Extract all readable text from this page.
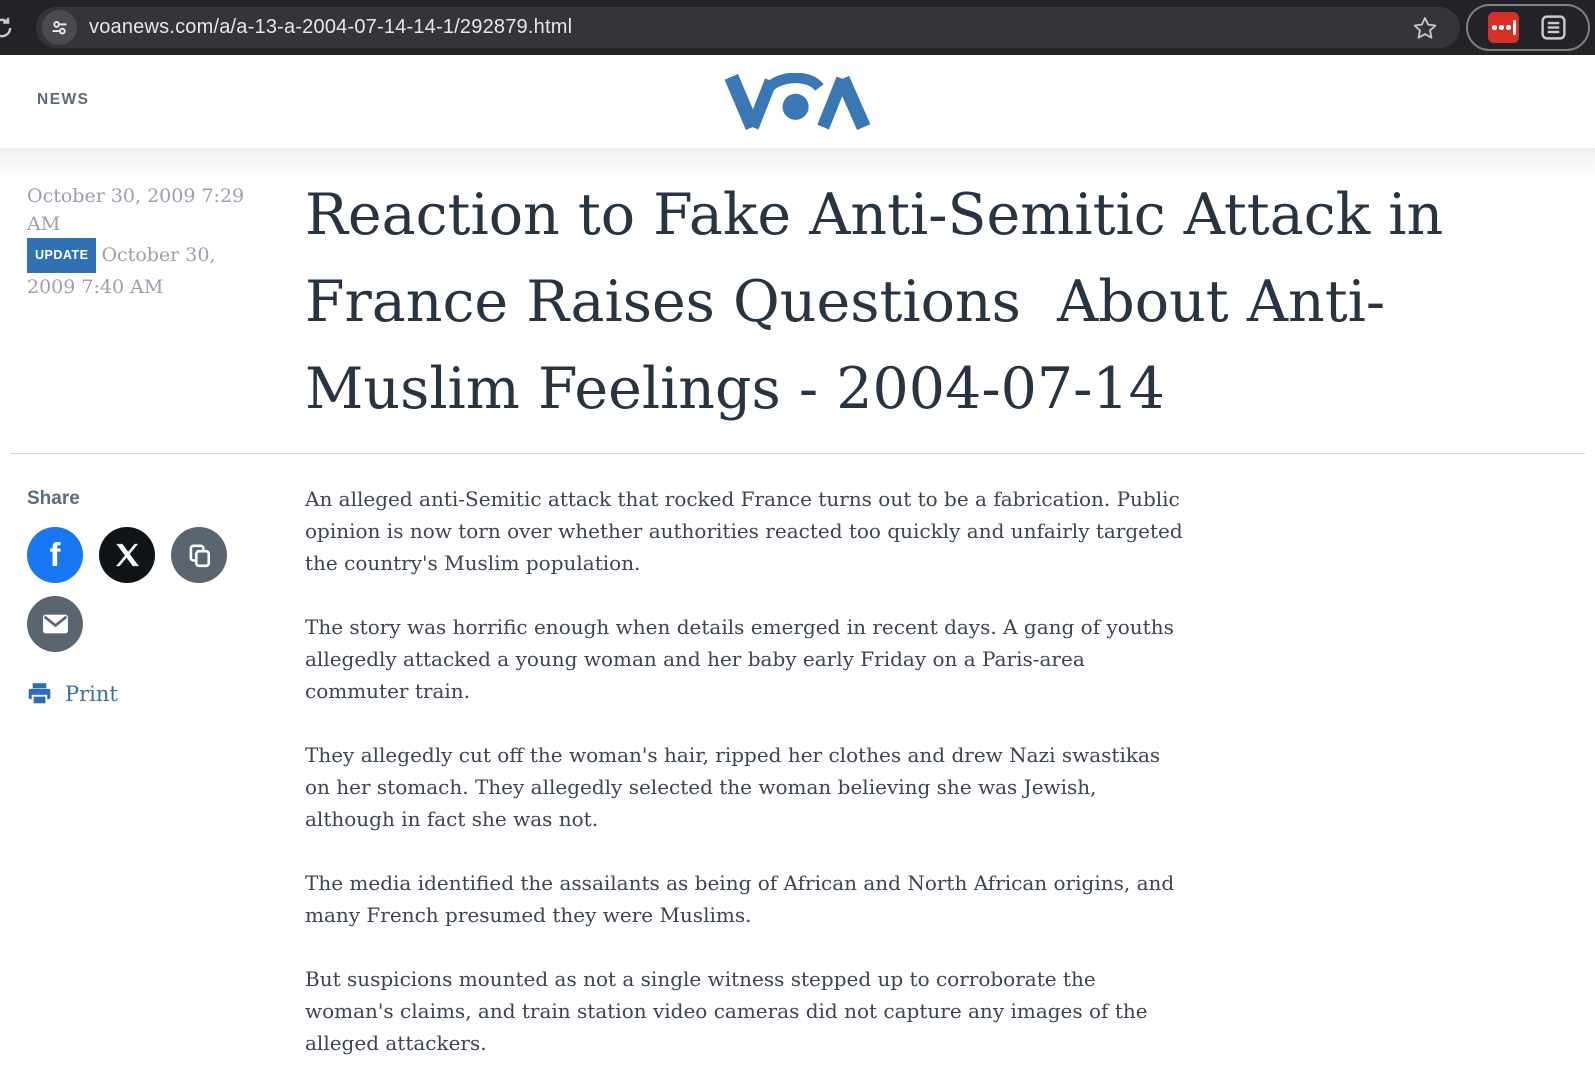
voanews.com/a/a-13-a-2004-07-14-14-1/292879.html
NEWS
October 30, 2009 7:29 AM
UPDATE October 30, 2009 7:40 AM
Reaction to Fake Anti-Semitic Attack in France Raises Questions  About Anti-Muslim Feelings - 2004-07-14
Share
f
Print

An alleged anti-Semitic attack that rocked France turns out to be a fabrication. Public opinion is now torn over whether authorities reacted too quickly and unfairly targeted the country's Muslim population.

The story was horrific enough when details emerged in recent days. A gang of youths allegedly attacked a young woman and her baby early Friday on a Paris-area commuter train.

They allegedly cut off the woman's hair, ripped her clothes and drew Nazi swastikas on her stomach. They allegedly selected the woman believing she was Jewish, although in fact she was not.

The media identified the assailants as being of African and North African origins, and many French presumed they were Muslims.

But suspicions mounted as not a single witness stepped up to corroborate the woman's claims, and train station video cameras did not capture any images of the alleged attackers.
